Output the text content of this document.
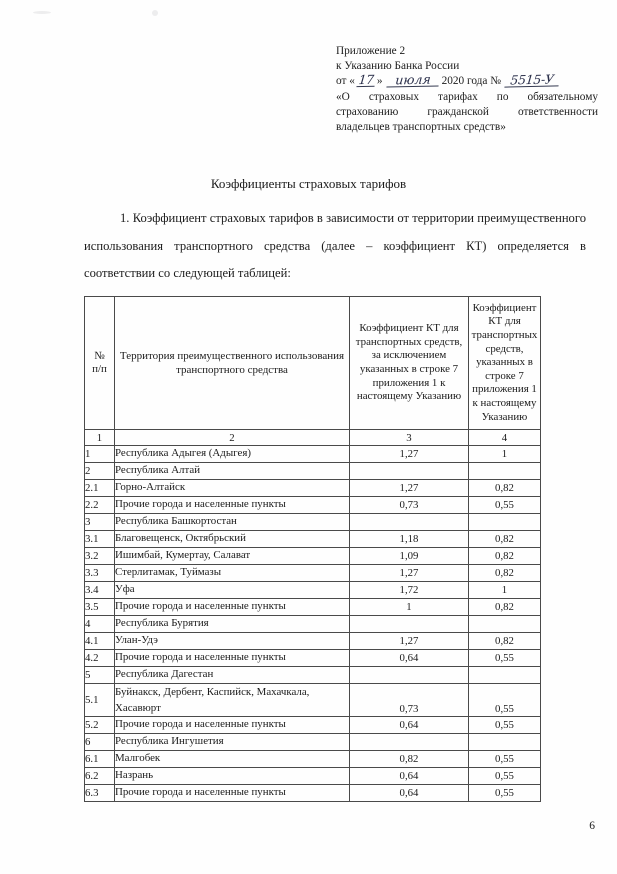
Приложение 2
к Указанию Банка России
от « 17 » июля 2020 года № 5515-У
«О страховых тарифах по обязательному страхованию гражданской ответственности владельцев транспортных средств»
Коэффициенты страховых тарифов
1. Коэффициент страховых тарифов в зависимости от территории преимущественного использования транспортного средства (далее – коэффициент КТ) определяется в соответствии со следующей таблицей:
№
п/п	Территория преимущественного использования транспортного средства	Коэффициент КТ для транспортных средств, за исключением указанных в строке 7 приложения 1 к настоящему Указанию	Коэффициент КТ для транспортных средств, указанных в строке 7 приложения 1 к настоящему Указанию
1	2	3	4
1	Республика Адыгея (Адыгея)	1,27	1
2	Республика Алтай		
2.1	Горно-Алтайск	1,27	0,82
2.2	Прочие города и населенные пункты	0,73	0,55
3	Республика Башкортостан		
3.1	Благовещенск, Октябрьский	1,18	0,82
3.2	Ишимбай, Кумертау, Салават	1,09	0,82
3.3	Стерлитамак, Туймазы	1,27	0,82
3.4	Уфа	1,72	1
3.5	Прочие города и населенные пункты	1	0,82
4	Республика Бурятия		
4.1	Улан-Удэ	1,27	0,82
4.2	Прочие города и населенные пункты	0,64	0,55
5	Республика Дагестан		
5.1	Буйнакск, Дербент, Каспийск, Махачкала, Хасавюрт	0,73	0,55
5.2	Прочие города и населенные пункты	0,64	0,55
6	Республика Ингушетия		
6.1	Малгобек	0,82	0,55
6.2	Назрань	0,64	0,55
6.3	Прочие города и населенные пункты	0,64	0,55
6
